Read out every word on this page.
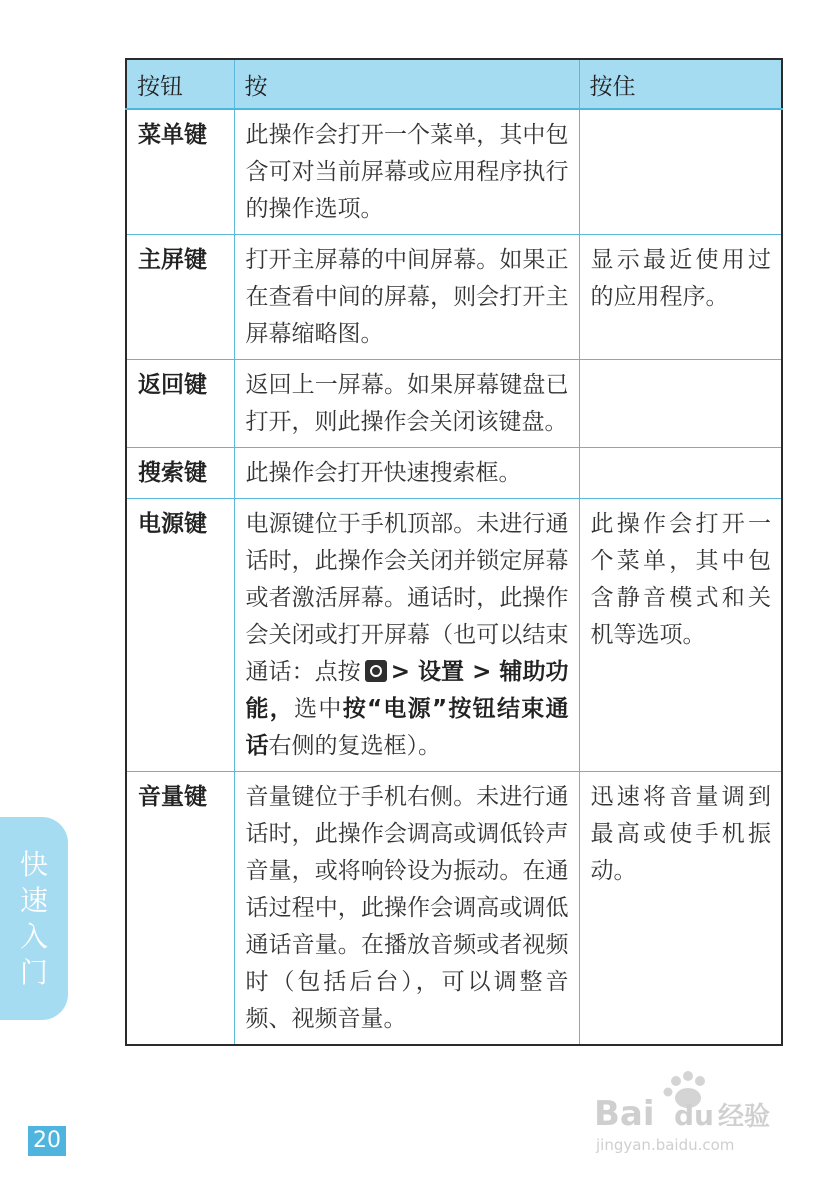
按钮	按	按住
菜单键	此操作会打开一个菜单，其中包含可对当前屏幕或应用程序执行的操作选项。	
主屏键	打开主屏幕的中间屏幕。如果正在查看中间的屏幕，则会打开主屏幕缩略图。	显示最近使用过的应用程序。
返回键	返回上一屏幕。如果屏幕键盘已打开，则此操作会关闭该键盘。	
搜索键	此操作会打开快速搜索框。	
电源键	电源键位于手机顶部。未进行通话时，此操作会关闭并锁定屏幕或者激活屏幕。通话时，此操作会关闭或打开屏幕（也可以结束通话：点按 > 设置 > 辅助功能，选中按“电源”按钮结束通话右侧的复选框）。	此操作会打开一个菜单，其中包含静音模式和关机等选项。
音量键	音量键位于手机右侧。未进行通话时，此操作会调高或调低铃声音量，或将响铃设为振动。在通话过程中，此操作会调高或调低通话音量。在播放音频或者视频时（包括后台），可以调整音频、视频音量。	迅速将音量调到最高或使手机振动。
快速入门
20
Bai du 经验
jingyan.baidu.com
